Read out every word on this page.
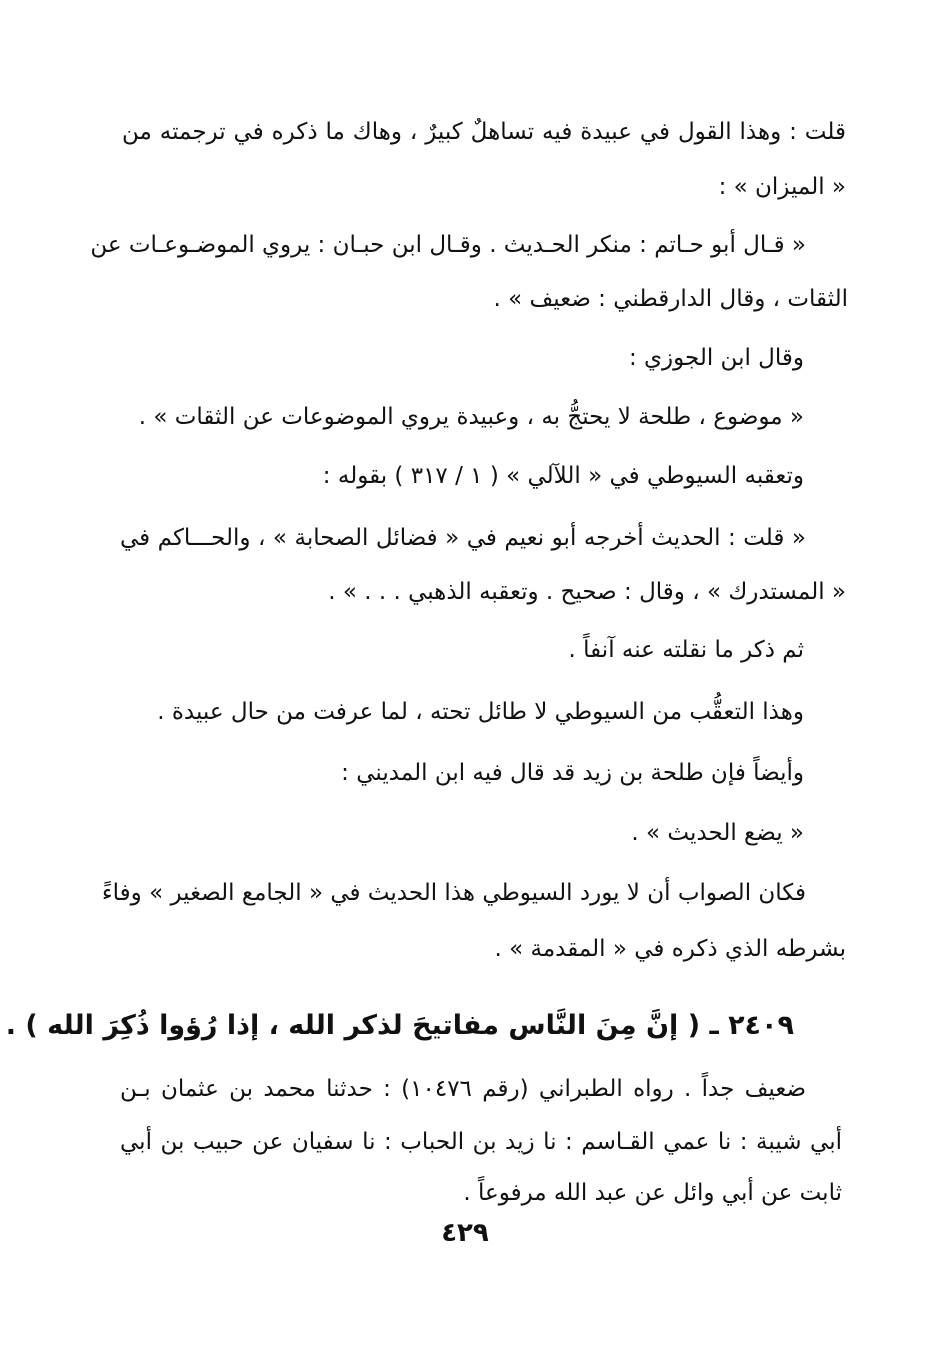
قلت : وهذا القول في عبيدة فيه تساهلٌ كبيرٌ ، وهاك ما ذكره في ترجمته من
« الميزان » :
« قـال أبو حـاتم : منكر الحـديث . وقـال ابن حبـان : يروي الموضـوعـات عن
الثقات ، وقال الدارقطني : ضعيف » .
وقال ابن الجوزي :
« موضوع ، طلحة لا يحتجُّ به ، وعبيدة يروي الموضوعات عن الثقات » .
وتعقبه السيوطي في « اللآلي » ( ١ / ٣١٧ ) بقوله :
« قلت : الحديث أخرجه أبو نعيم في « فضائل الصحابة » ، والحـــاكم في
« المستدرك » ، وقال : صحيح . وتعقبه الذهبي . . . » .
ثم ذكر ما نقلته عنه آنفاً .
وهذا التعقُّب من السيوطي لا طائل تحته ، لما عرفت من حال عبيدة .
وأيضاً فإن طلحة بن زيد قد قال فيه ابن المديني :
« يضع الحديث » .
فكان الصواب أن لا يورد السيوطي هذا الحديث في « الجامع الصغير » وفاءً
بشرطه الذي ذكره في « المقدمة » .
٢٤٠٩ ـ ( إنَّ مِنَ النَّاس مفاتيحَ لذكر الله ، إذا رُؤوا ذُكِرَ الله ) .
ضعيف جداً . رواه الطبراني (رقم ١٠٤٧٦) : حدثنا محمد بن عثمان بـن
أبي شيبة : نا عمي القـاسم : نا زيد بن الحباب : نا سفيان عن حبيب بن أبي
ثابت عن أبي وائل عن عبد الله مرفوعاً .
٤٢٩
